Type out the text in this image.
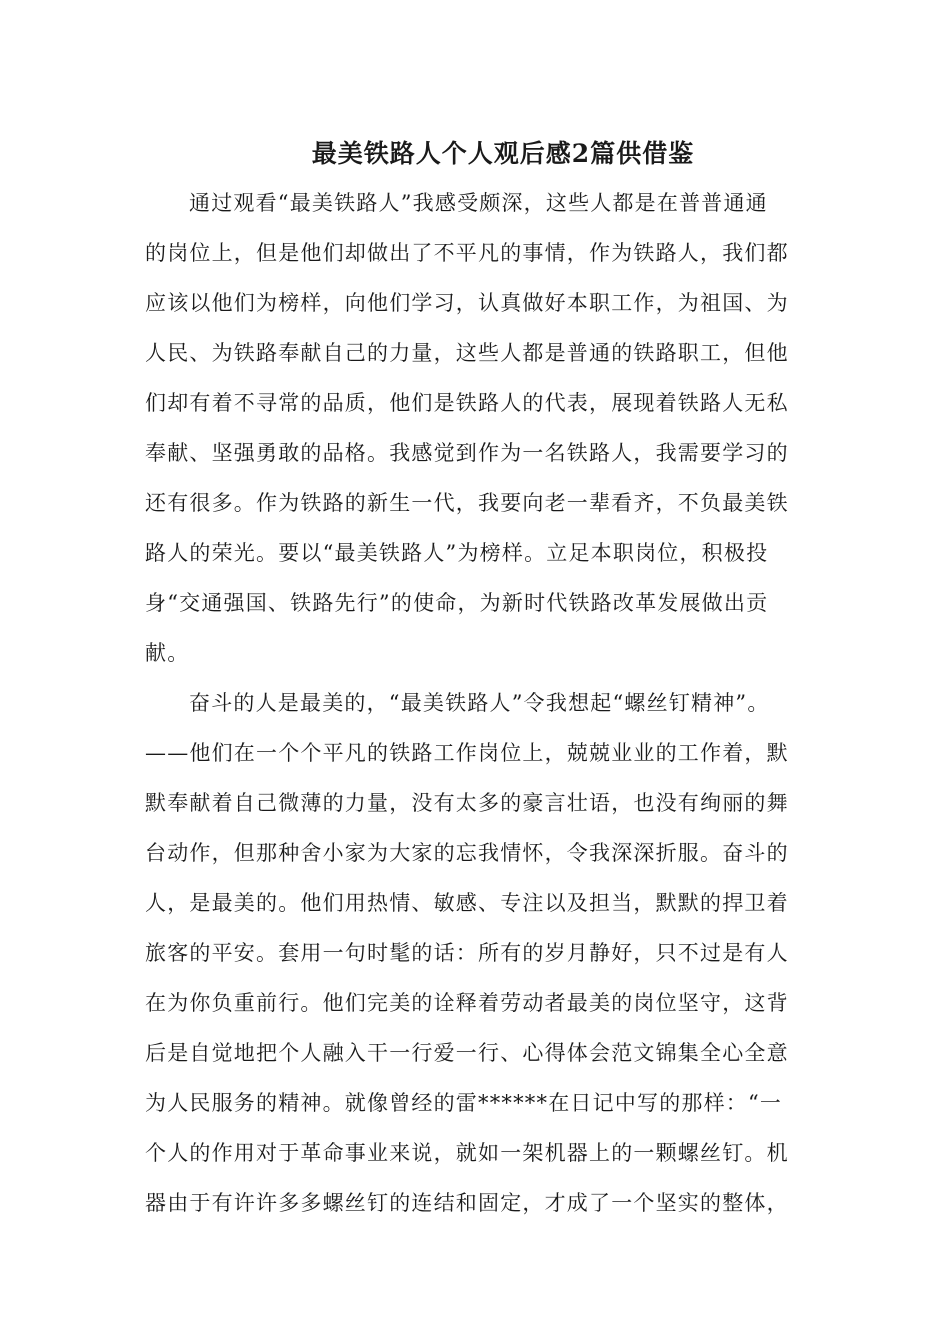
最美铁路人个人观后感2篇供借鉴
通过观看“最美铁路人”我感受颇深，这些人都是在普普通通
的岗位上，但是他们却做出了不平凡的事情，作为铁路人，我们都
应该以他们为榜样，向他们学习，认真做好本职工作，为祖国、为
人民、为铁路奉献自己的力量，这些人都是普通的铁路职工，但他
们却有着不寻常的品质，他们是铁路人的代表，展现着铁路人无私
奉献、坚强勇敢的品格。我感觉到作为一名铁路人，我需要学习的
还有很多。作为铁路的新生一代，我要向老一辈看齐，不负最美铁
路人的荣光。要以“最美铁路人”为榜样。立足本职岗位，积极投
身“交通强国、铁路先行”的使命，为新时代铁路改革发展做出贡
献。
奋斗的人是最美的，“最美铁路人”令我想起“螺丝钉精神”。
——他们在一个个平凡的铁路工作岗位上，兢兢业业的工作着，默
默奉献着自己微薄的力量，没有太多的豪言壮语，也没有绚丽的舞
台动作，但那种舍小家为大家的忘我情怀，令我深深折服。奋斗的
人，是最美的。他们用热情、敏感、专注以及担当，默默的捍卫着
旅客的平安。套用一句时髦的话：所有的岁月静好，只不过是有人
在为你负重前行。他们完美的诠释着劳动者最美的岗位坚守，这背
后是自觉地把个人融入干一行爱一行、心得体会范文锦集全心全意
为人民服务的精神。就像曾经的雷******在日记中写的那样：“一
个人的作用对于革命事业来说，就如一架机器上的一颗螺丝钉。机
器由于有许许多多螺丝钉的连结和固定，才成了一个坚实的整体，
